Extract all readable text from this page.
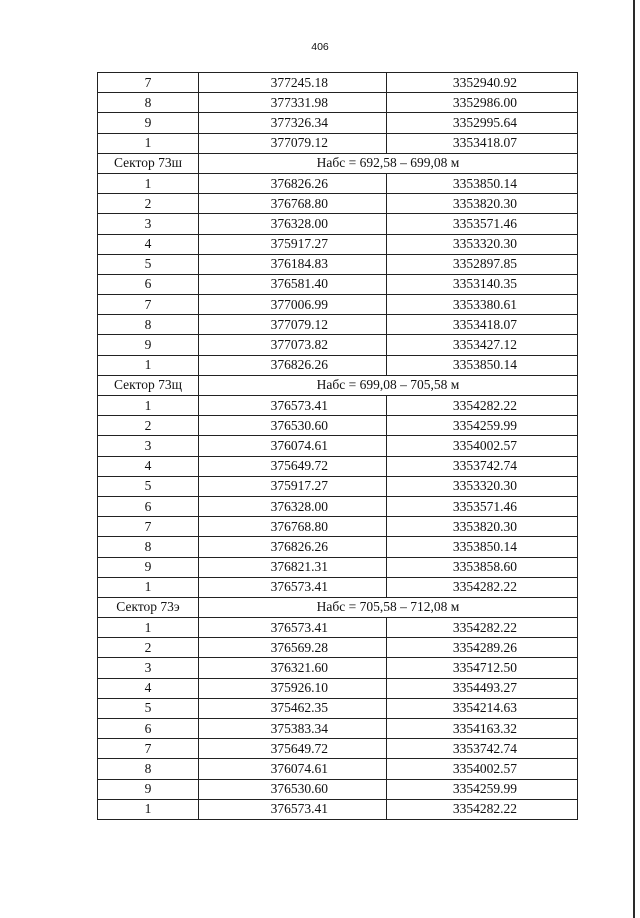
406
7	377245.18	3352940.92
8	377331.98	3352986.00
9	377326.34	3352995.64
1	377079.12	3353418.07
Сектор 73ш	Набс = 692,58 – 699,08 м	
1	376826.26	3353850.14
2	376768.80	3353820.30
3	376328.00	3353571.46
4	375917.27	3353320.30
5	376184.83	3352897.85
6	376581.40	3353140.35
7	377006.99	3353380.61
8	377079.12	3353418.07
9	377073.82	3353427.12
1	376826.26	3353850.14
Сектор 73щ	Набс = 699,08 – 705,58 м	
1	376573.41	3354282.22
2	376530.60	3354259.99
3	376074.61	3354002.57
4	375649.72	3353742.74
5	375917.27	3353320.30
6	376328.00	3353571.46
7	376768.80	3353820.30
8	376826.26	3353850.14
9	376821.31	3353858.60
1	376573.41	3354282.22
Сектор 73э	Набс = 705,58 – 712,08 м	
1	376573.41	3354282.22
2	376569.28	3354289.26
3	376321.60	3354712.50
4	375926.10	3354493.27
5	375462.35	3354214.63
6	375383.34	3354163.32
7	375649.72	3353742.74
8	376074.61	3354002.57
9	376530.60	3354259.99
1	376573.41	3354282.22
